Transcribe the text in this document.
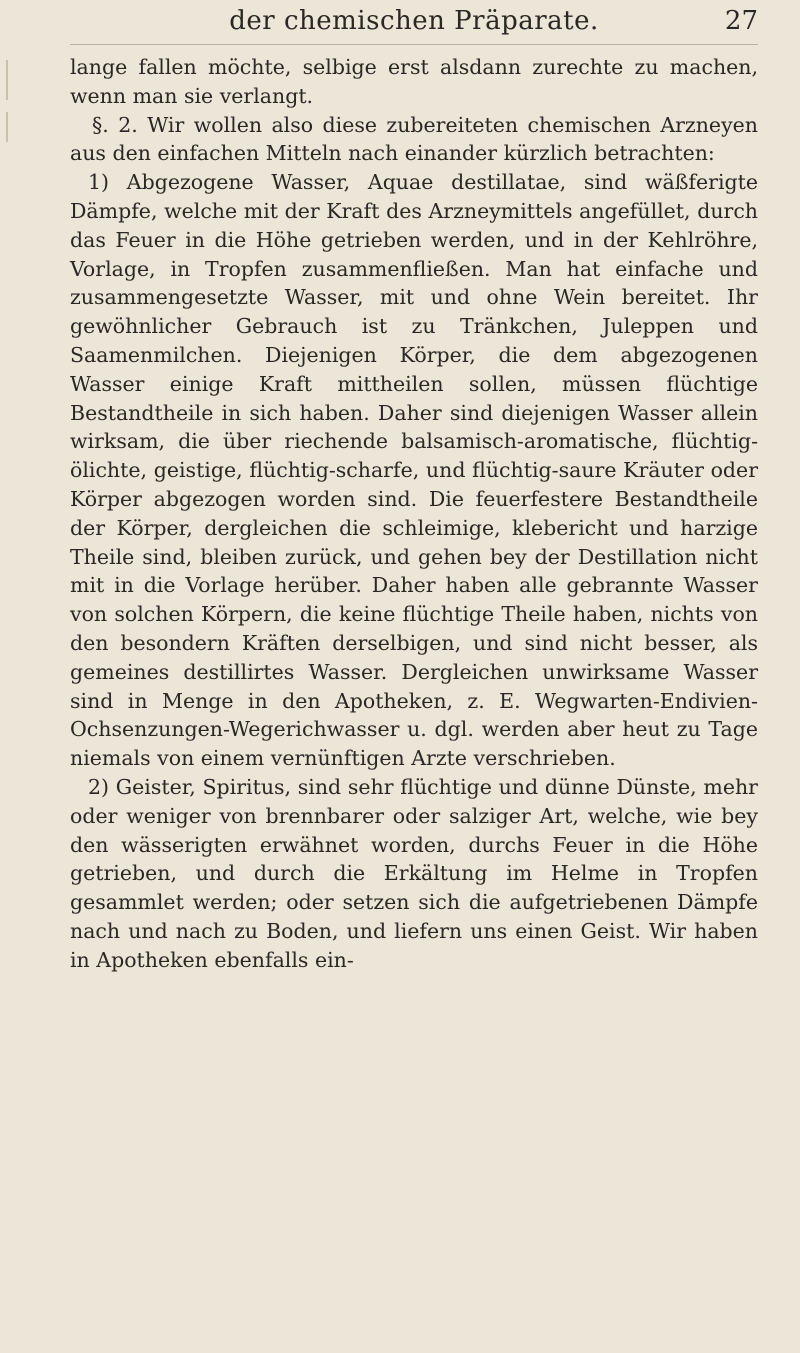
der chemischen Präparate.	27

lange fallen möchte, selbige erst alsdann zurechte zu machen, wenn man sie verlangt.

§. 2. Wir wollen also diese zubereiteten chemischen Arzneyen aus den einfachen Mitteln nach einander kürzlich betrachten:

1) Abgezogene Wasser, Aquae destillatae, sind wäßferigte Dämpfe, welche mit der Kraft des Arzneymittels angefüllet, durch das Feuer in die Höhe getrieben werden, und in der Kehlröhre, Vorlage, in Tropfen zusammenfließen. Man hat einfache und zusammengesetzte Wasser, mit und ohne Wein bereitet. Ihr gewöhnlicher Gebrauch ist zu Tränkchen, Juleppen und Saamenmilchen. Diejenigen Körper, die dem abgezogenen Wasser einige Kraft mittheilen sollen, müssen flüchtige Bestandtheile in sich haben. Daher sind diejenigen Wasser allein wirksam, die über riechende balsamisch-aromatische, flüchtig-ölichte, geistige, flüchtig-scharfe, und flüchtig-saure Kräuter oder Körper abgezogen worden sind. Die feuerfestere Bestandtheile der Körper, dergleichen die schleimige, klebericht und harzige Theile sind, bleiben zurück, und gehen bey der Destillation nicht mit in die Vorlage herüber. Daher haben alle gebrannte Wasser von solchen Körpern, die keine flüchtige Theile haben, nichts von den besondern Kräften derselbigen, und sind nicht besser, als gemeines destillirtes Wasser. Dergleichen unwirksame Wasser sind in Menge in den Apotheken, z. E. Wegwarten-Endivien-Ochsenzungen-Wegerichwasser u. dgl. werden aber heut zu Tage niemals von einem vernünftigen Arzte verschrieben.

2) Geister, Spiritus, sind sehr flüchtige und dünne Dünste, mehr oder weniger von brennbarer oder salziger Art, welche, wie bey den wässerigten erwähnet worden, durchs Feuer in die Höhe getrieben, und durch die Erkältung im Helme in Tropfen gesammlet werden; oder setzen sich die aufgetriebenen Dämpfe nach und nach zu Boden, und liefern uns einen Geist. Wir haben in Apotheken ebenfalls ein-
